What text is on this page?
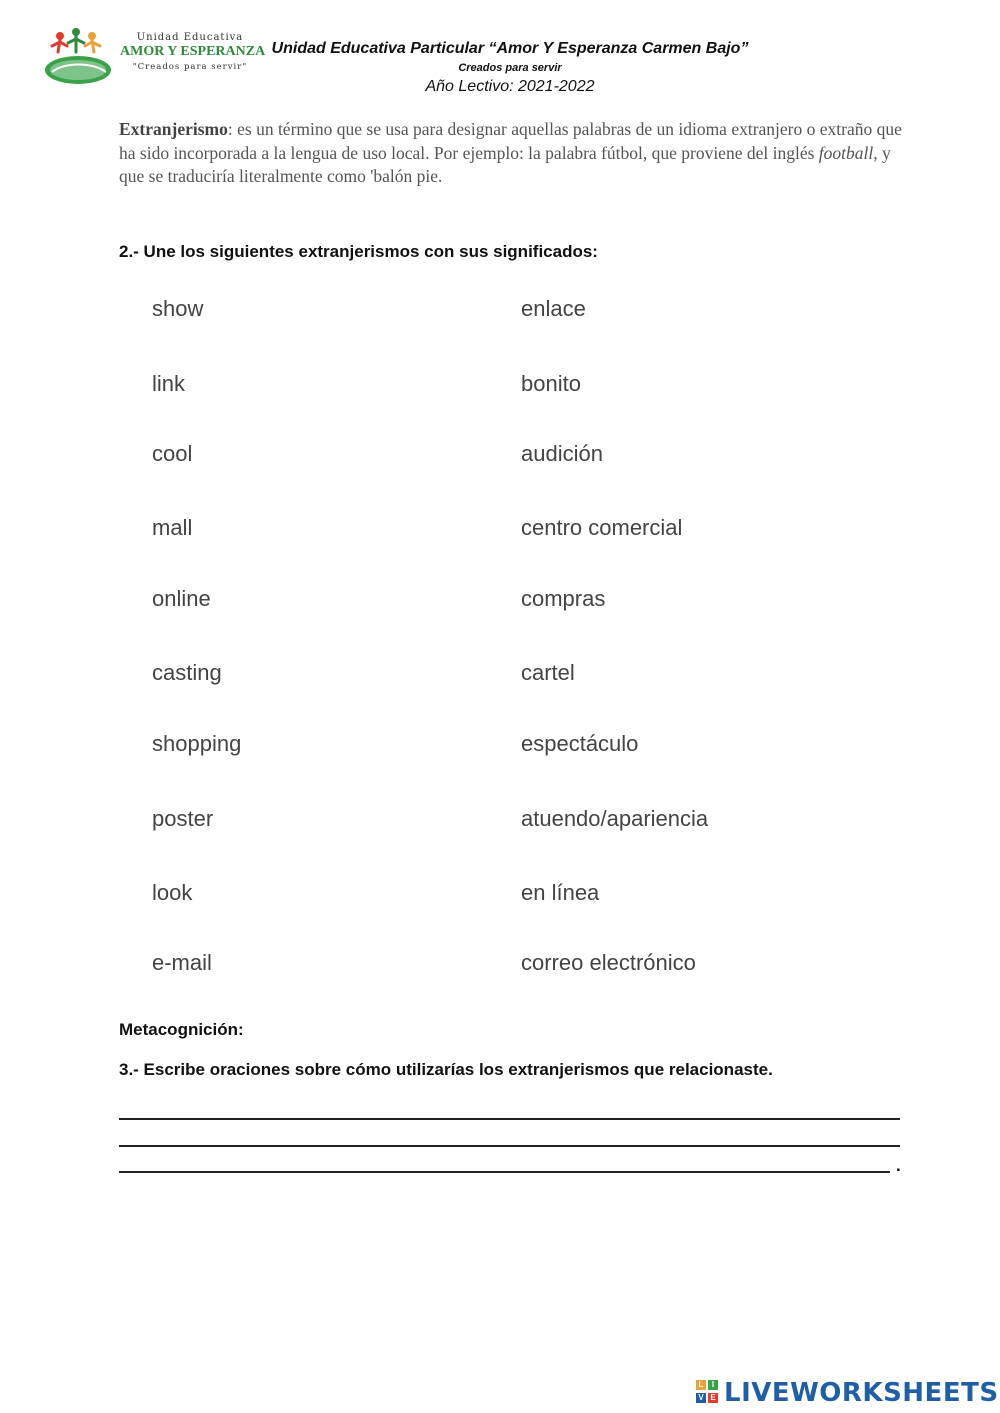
Unidad Educativa
AMOR Y ESPERANZA
"Creados para servir"
Unidad Educativa Particular “Amor Y Esperanza Carmen Bajo”
Creados para servir
Año Lectivo: 2021-2022
Extranjerismo: es un término que se usa para designar aquellas palabras de un idioma extranjero o extraño que ha sido incorporada a la lengua de uso local. Por ejemplo: la palabra fútbol, que proviene del inglés football, y que se traduciría literalmente como 'balón pie.
2.- Une los siguientes extranjerismos con sus significados:
show
link
cool
mall
online
casting
shopping
poster
look
e-mail
enlace
bonito
audición
centro comercial
compras
cartel
espectáculo
atuendo/apariencia
en línea
correo electrónico
Metacognición:
3.- Escribe oraciones sobre cómo utilizarías los extranjerismos que relacionaste.
.
L	I
V E LIVEWORKSHEETS
